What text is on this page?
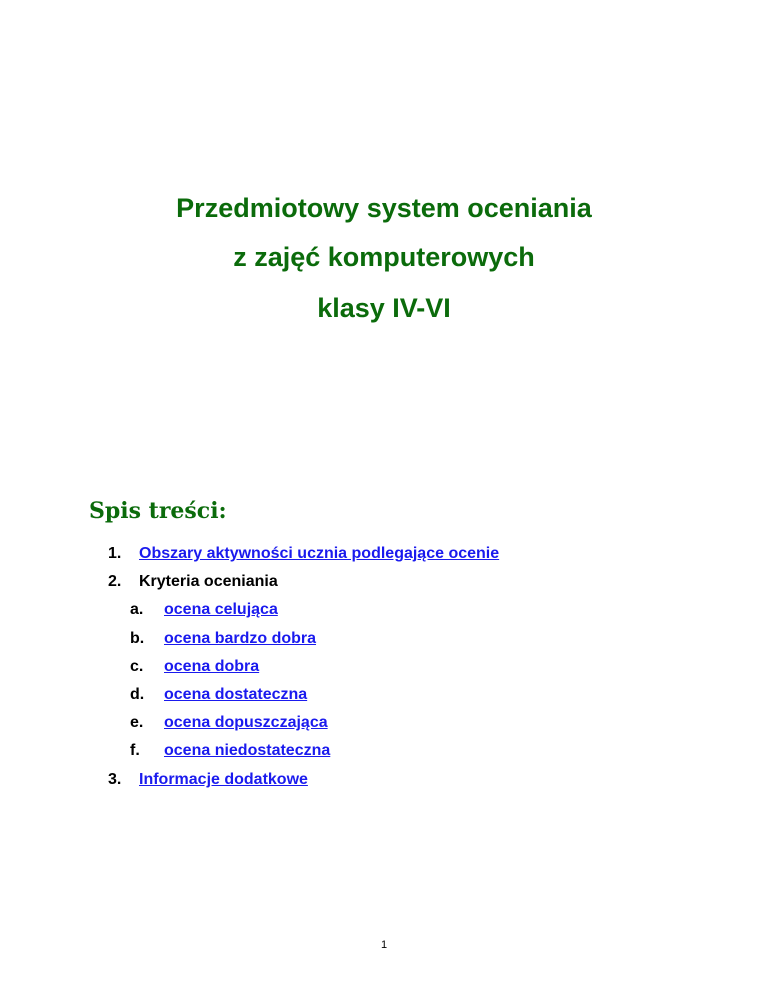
Przedmiotowy system oceniania
z zajęć komputerowych
klasy IV-VI
Spis treści:

1. Obszary aktywności ucznia podlegające ocenie

2. Kryteria oceniania

a. ocena celująca

b. ocena bardzo dobra

c. ocena dobra

d. ocena dostateczna

e. ocena dopuszczająca

f. ocena niedostateczna

3. Informacje dodatkowe

1
